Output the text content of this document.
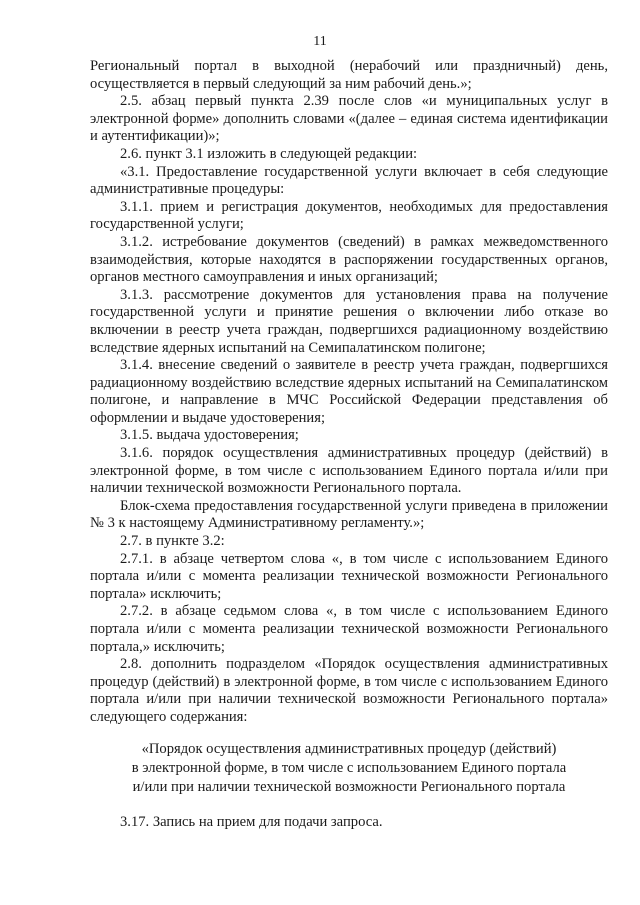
11

Региональный портал в выходной (нерабочий или праздничный) день, осуществляется в первый следующий за ним рабочий день.»;

2.5. абзац первый пункта 2.39 после слов «и муниципальных услуг в электронной форме» дополнить словами «(далее – единая система идентификации и аутентификации)»;

2.6. пункт 3.1 изложить в следующей редакции:

«3.1. Предоставление государственной услуги включает в себя следующие административные процедуры:

3.1.1. прием и регистрация документов, необходимых для предоставления государственной услуги;

3.1.2. истребование документов (сведений) в рамках межведомственного взаимодействия, которые находятся в распоряжении государственных органов, органов местного самоуправления и иных организаций;

3.1.3. рассмотрение документов для установления права на получение государственной услуги и принятие решения о включении либо отказе во включении в реестр учета граждан, подвергшихся радиационному воздействию вследствие ядерных испытаний на Семипалатинском полигоне;

3.1.4. внесение сведений о заявителе в реестр учета граждан, подвергшихся радиационному воздействию вследствие ядерных испытаний на Семипалатинском полигоне, и направление в МЧС Российской Федерации представления об оформлении и выдаче удостоверения;

3.1.5. выдача удостоверения;

3.1.6. порядок осуществления административных процедур (действий) в электронной форме, в том числе с использованием Единого портала и/или при наличии технической возможности Регионального портала.

Блок-схема предоставления государственной услуги приведена в приложении № 3 к настоящему Административному регламенту.»;

2.7. в пункте 3.2:

2.7.1. в абзаце четвертом слова «, в том числе с использованием Единого портала и/или с момента реализации технической возможности Регионального портала» исключить;

2.7.2. в абзаце седьмом слова «, в том числе с использованием Единого портала и/или с момента реализации технической возможности Регионального портала,» исключить;

2.8. дополнить подразделом «Порядок осуществления административных процедур (действий) в электронной форме, в том числе с использованием Единого портала и/или при наличии технической возможности Регионального портала» следующего содержания:

«Порядок осуществления административных процедур (действий)
в электронной форме, в том числе с использованием Единого портала
и/или при наличии технической возможности Регионального портала
3.17. Запись на прием для подачи запроса.
